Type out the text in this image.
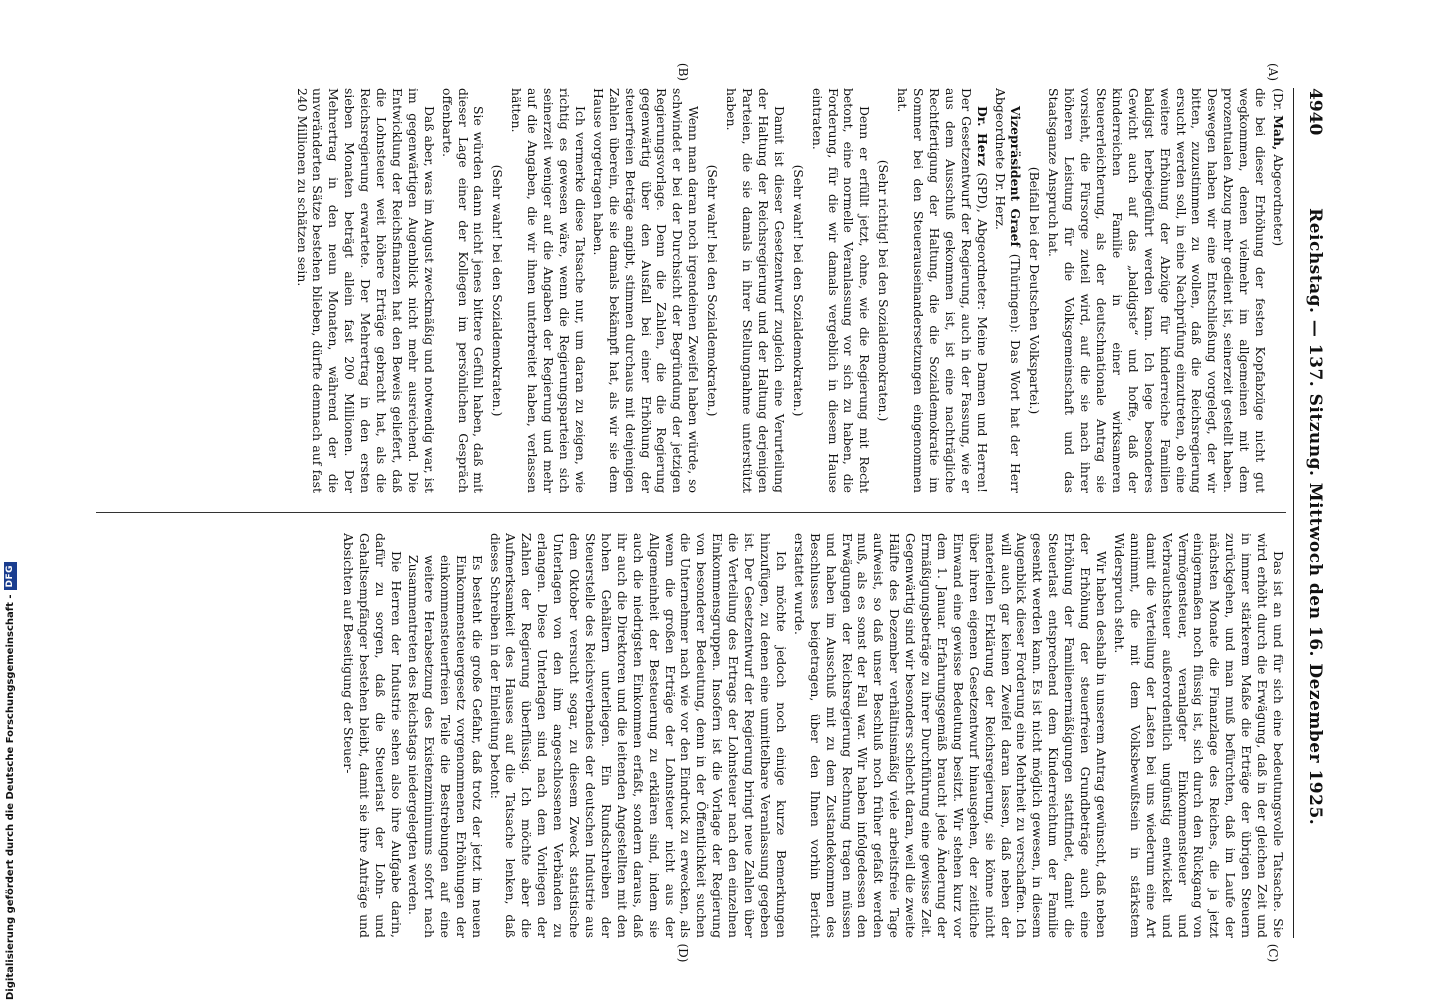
4940
Reichstag. — 137. Sitzung. Mittwoch den 16. Dezember 1925.
(A)
(B)
(C)
(D)

(Dr. Mah, Abgeordneter)

die bei dieser Erhöhung der festen Kopfabzüge nicht gut wegkommen, denen vielmehr im allgemeinen mit dem prozentualen Abzug mehr gedient ist, seinerzeit gestellt haben. Deswegen haben wir eine Entschließung vorgelegt, der wir bitten, zuzustimmen zu wollen, daß die Reichsregierung ersucht werden soll, in eine Nachprüfung einzutreten, ob eine weitere Erhöhung der Abzüge für kinderreiche Familien baldigst herbeigeführt werden kann. Ich lege besonderes Gewicht auch auf das „baldigste“ und hoffe, daß der kinderreichen Familie in einer wirksameren Steuererleichterung, als der deutschnationale Antrag sie vorsieht, die Fürsorge zuteil wird, auf die sie nach ihrer höheren Leistung für die Volksgemeinschaft und das Staatsganze Anspruch hat.

(Beifall bei der Deutschen Volkspartei.)

Vizepräsident Graef (Thüringen): Das Wort hat der Herr Abgeordnete Dr. Herz.

Dr. Herz (SPD), Abgeordneter: Meine Damen und Herren! Der Gesetzentwurf der Regierung, auch in der Fassung, wie er aus dem Ausschuß gekommen ist, ist eine nachträgliche Rechtfertigung der Haltung, die die Sozialdemokratie im Sommer bei den Steuerauseinandersetzungen eingenommen hat.

(Sehr richtig! bei den Sozialdemokraten.)

Denn er erfüllt jetzt, ohne, wie die Regierung mit Recht betont, eine normelle Veranlassung vor sich zu haben, die Forderung, für die wir damals vergeblich in diesem Hause eintraten.

(Sehr wahr! bei den Sozialdemokraten.)

Damit ist dieser Gesetzentwurf zugleich eine Verurteilung der Haltung der Reichsregierung und der Haltung derjenigen Parteien, die sie damals in ihrer Stellungnahme unterstützt haben.

(Sehr wahr! bei den Sozialdemokraten.)

Wenn man daran noch irgendeinen Zweifel haben würde, so schwindet er bei der Durchsicht der Begründung der jetzigen Regierungsvorlage. Denn die Zahlen, die die Regierung gegenwärtig über den Ausfall bei einer Erhöhung der steuerfreien Beträge angibt, stimmen durchaus mit denjenigen Zahlen überein, die sie damals bekämpft hat, als wir sie dem Hause vorgetragen haben.

Ich vermerke diese Tatsache nur, um daran zu zeigen, wie richtig es gewesen wäre, wenn die Regierungsparteien sich seinerzeit weniger auf die Angaben der Regierung und mehr auf die Angaben, die wir ihnen unterbreitet haben, verlassen hätten.

(Sehr wahr! bei den Sozialdemokraten.)

Sie würden dann nicht jenes bittere Gefühl haben, daß mit dieser Lage einer der Kollegen im persönlichen Gespräch offenbarte.

Daß aber, was im August zweckmäßig und notwendig war, ist im gegenwärtigen Augenblick nicht mehr ausreichend. Die Entwicklung der Reichsfinanzen hat den Beweis geliefert, daß die Lohnsteuer weit höhere Erträge gebracht hat, als die Reichsregierung erwartete. Der Mehrertrag in den ersten sieben Monaten beträgt allein fast 200 Millionen. Der Mehrertrag in den neun Monaten, während der die unveränderten Sätze bestehen blieben, dürfte demnach auf fast 240 Millionen zu schätzen sein.

Das ist an und für sich eine bedeutungsvolle Tatsache. Sie wird erhöht durch die Erwägung, daß in der gleichen Zeit und in immer stärkerem Maße die Erträge der übrigen Steuern zurückgehen, und man muß befürchten, daß im Laufe der nächsten Monate die Finanzlage des Reiches, die ja jetzt einigermaßen noch flüssig ist, sich durch den Rückgang von Vermögensteuer, veranlagter Einkommensteuer und Verbrauchsteuer außerordentlich ungünstig entwickelt und damit die Verteilung der Lasten bei uns wiederum eine Art annimmt, die mit dem Volksbewußtsein in stärkstem Widerspruch steht.

Wir haben deshalb in unserem Antrag gewünscht, daß neben der Erhöhung der steuerfreien Grundbeträge auch eine Erhöhung der Familienermäßigungen stattfindet, damit die Steuerlast entsprechend dem Kinderreichtum der Familie gesenkt werden kann. Es ist nicht möglich gewesen, in diesem Augenblick dieser Forderung eine Mehrheit zu verschaffen. Ich will auch gar keinen Zweifel daran lassen, daß neben der materiellen Erklärung der Reichsregierung, sie könne nicht über ihren eigenen Gesetzentwurf hinausgehen, der zeitliche Einwand eine gewisse Bedeutung besitzt. Wir stehen kurz vor dem 1. Januar. Erfahrungsgemäß braucht jede Änderung der Ermäßigungsbeträge zu ihrer Durchführung eine gewisse Zeit. Gegenwärtig sind wir besonders schlecht daran, weil die zweite Hälfte des Dezember verhältnismäßig viele arbeitsfreie Tage aufweist, so daß unser Beschluß noch früher gefaßt werden muß, als es sonst der Fall war. Wir haben infolgedessen den Erwägungen der Reichsregierung Rechnung tragen müssen und haben im Ausschuß mit zu dem Zustandekommen des Beschlusses beigetragen, über den Ihnen vorhin Bericht erstattet wurde.

Ich möchte jedoch noch einige kurze Bemerkungen hinzufügen, zu denen eine unmittelbare Veranlassung gegeben ist. Der Gesetzentwurf der Regierung bringt neue Zahlen über die Verteilung des Ertrags der Lohnsteuer nach den einzelnen Einkommensgruppen. Insofern ist die Vorlage der Regierung von besonderer Bedeutung, denn in der Öffentlichkeit suchen die Unternehmer nach wie vor den Eindruck zu erwecken, als wenn die großen Erträge der Lohnsteuer nicht aus der Allgemeinheit der Besteuerung zu erklären sind, indem sie auch die niedrigsten Einkommen erfaßt, sondern daraus, daß ihr auch die Direktoren und die leitenden Angestellten mit den hohen Gehältern unterliegen. Ein Rundschreiben der Steuerstelle des Reichsverbandes der deutschen Industrie aus dem Oktober versucht sogar, zu diesem Zweck statistische Unterlagen von den ihm angeschlossenen Verbänden zu erlangen. Diese Unterlagen sind nach dem Vorliegen der Zahlen der Regierung überflüssig. Ich möchte aber die Aufmerksamkeit des Hauses auf die Tatsache lenken, daß dieses Schreiben in der Einleitung betont:

Es besteht die große Gefahr, daß trotz der jetzt im neuen Einkommensteuergesetz vorgenommenen Erhöhungen der einkommensteuerfreien Teile die Bestrebungen auf eine weitere Herabsetzung des Existenzminimums sofort nach Zusammentreten des Reichstags niedergelegten werden.

Die Herren der Industrie sehen also ihre Aufgabe darin, dafür zu sorgen, daß die Steuerlast der Lohn- und Gehaltsempfänger bestehen bleibt, damit sie ihre Anträge und Absichten auf Beseitigung der Steuer-

Digitalisierung gefördert durch die Deutsche Forschungsgemeinschaft -
DFG
